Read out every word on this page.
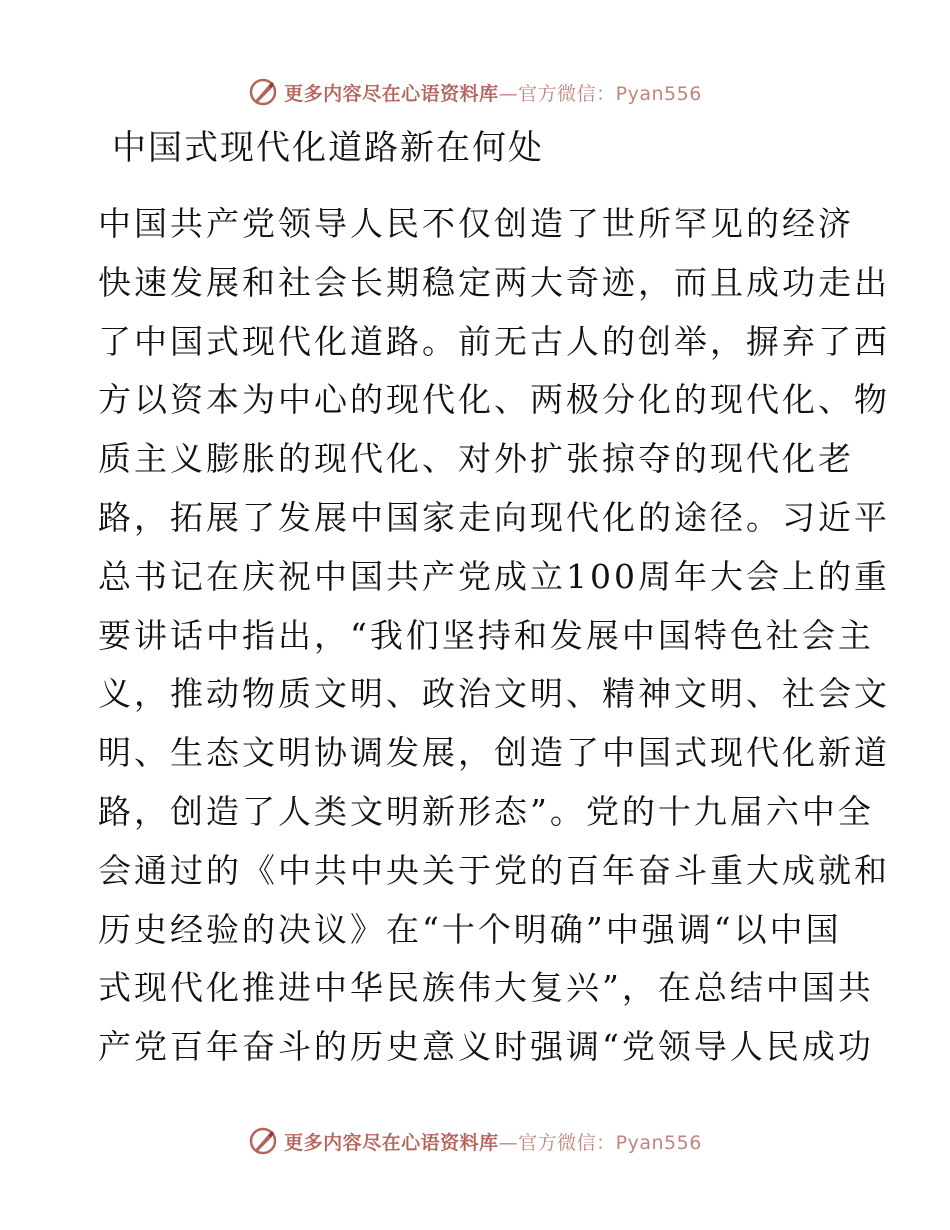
更多内容尽在心语资料库 —官方微信：Pyan556
中国式现代化道路新在何处
中国共产党领导人民不仅创造了世所罕见的经济
快速发展和社会长期稳定两大奇迹，而且成功走出
了中国式现代化道路。前无古人的创举，摒弃了西
方以资本为中心的现代化、两极分化的现代化、物
质主义膨胀的现代化、对外扩张掠夺的现代化老
路，拓展了发展中国家走向现代化的途径。习近平
总书记在庆祝中国共产党成立100周年大会上的重
要讲话中指出，“我们坚持和发展中国特色社会主
义，推动物质文明、政治文明、精神文明、社会文
明、生态文明协调发展，创造了中国式现代化新道
路，创造了人类文明新形态”。党的十九届六中全
会通过的《中共中央关于党的百年奋斗重大成就和
历史经验的决议》在“十个明确”中强调“以中国
式现代化推进中华民族伟大复兴”，在总结中国共
产党百年奋斗的历史意义时强调“党领导人民成功
更多内容尽在心语资料库 —官方微信：Pyan556
